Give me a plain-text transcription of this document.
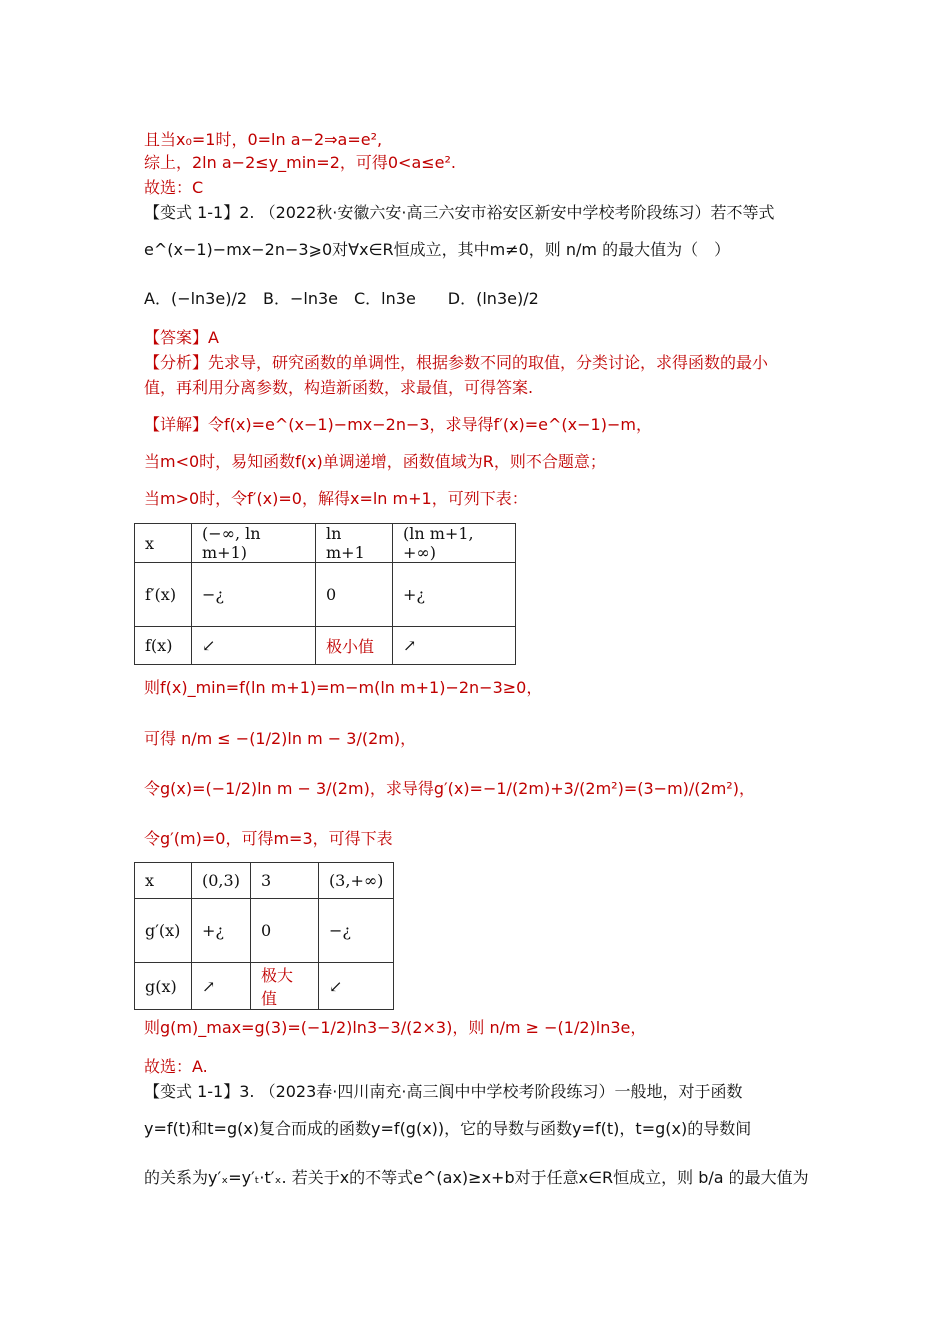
且当x₀=1时，0=ln a−2⇒a=e²,
综上，2ln a−2≤y_min=2，可得0<a≤e².
故选：C
【变式 1-1】2. （2022秋·安徽六安·高三六安市裕安区新安中学校考阶段练习）若不等式
e^(x−1)−mx−2n−3⩾0对∀x∈R恒成立，其中m≠0，则 n/m 的最大值为（　）
A．(−ln3e)/2　B．−ln3e　C．ln3e　　D．(ln3e)/2
【答案】A
【分析】先求导，研究函数的单调性，根据参数不同的取值，分类讨论，求得函数的最小
值，再利用分离参数，构造新函数，求最值，可得答案.
【详解】令f(x)=e^(x−1)−mx−2n−3，求导得f′(x)=e^(x−1)−m，
当m<0时，易知函数f(x)单调递增，函数值域为R，则不合题意；
当m>0时，令f′(x)=0，解得x=ln m+1，可列下表：
x	(−∞, ln m+1)	ln m+1	(ln m+1, +∞)
f′(x)	−¿	0	+¿
f(x)	↙	极小值	↗
则f(x)_min=f(ln m+1)=m−m(ln m+1)−2n−3≥0，
可得 n/m ≤ −(1/2)ln m − 3/(2m)，
令g(x)=(−1/2)ln m − 3/(2m)，求导得g′(x)=−1/(2m)+3/(2m²)=(3−m)/(2m²)，
令g′(m)=0，可得m=3，可得下表
x	(0,3)	3	(3,+∞)
g′(x)	+¿	0	−¿
g(x)	↗	极大值	↙
则g(m)_max=g(3)=(−1/2)ln3−3/(2×3)，则 n/m ≥ −(1/2)ln3e，
故选：A.
【变式 1-1】3. （2023春·四川南充·高三阆中中学校考阶段练习）一般地，对于函数
y=f(t)和t=g(x)复合而成的函数y=f(g(x))，它的导数与函数y=f(t)，t=g(x)的导数间
的关系为y′ₓ=y′ₜ·t′ₓ. 若关于x的不等式e^(ax)≥x+b对于任意x∈R恒成立，则 b/a 的最大值为
